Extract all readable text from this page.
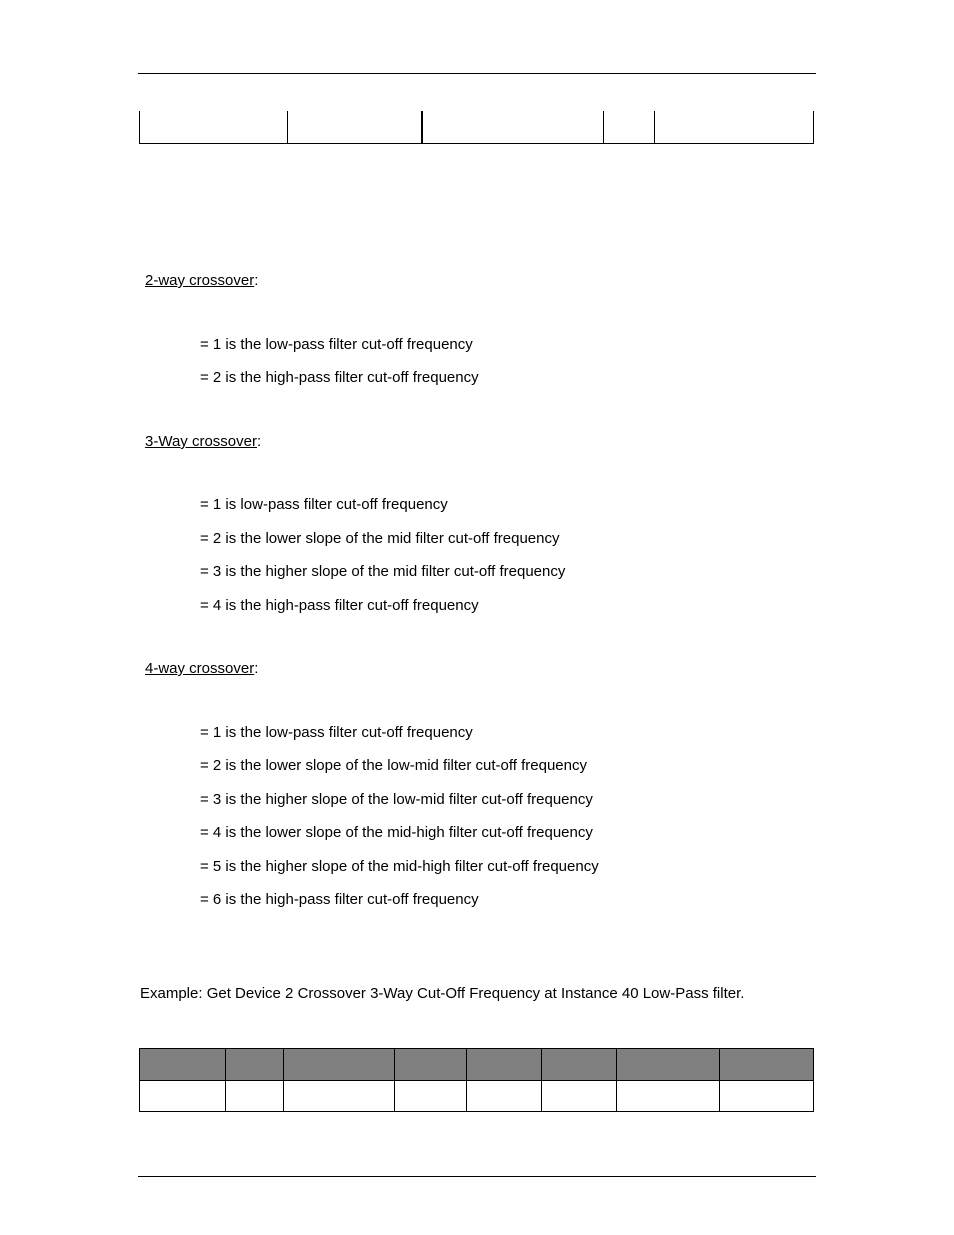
2-way crossover:
= 1 is the low-pass filter cut-off frequency
= 2 is the high-pass filter cut-off frequency
3-Way crossover:
= 1 is low-pass filter cut-off frequency
= 2 is the lower slope of the mid filter cut-off frequency
= 3 is the higher slope of the mid filter cut-off frequency
= 4 is the high-pass filter cut-off frequency
4-way crossover:
= 1 is the low-pass filter cut-off frequency
= 2 is the lower slope of the low-mid filter cut-off frequency
= 3 is the higher slope of the low-mid filter cut-off frequency
= 4 is the lower slope of the mid-high filter cut-off frequency
= 5 is the higher slope of the mid-high filter cut-off frequency
= 6 is the high-pass filter cut-off frequency
Example: Get Device 2 Crossover 3-Way Cut-Off Frequency at Instance 40 Low-Pass filter.
